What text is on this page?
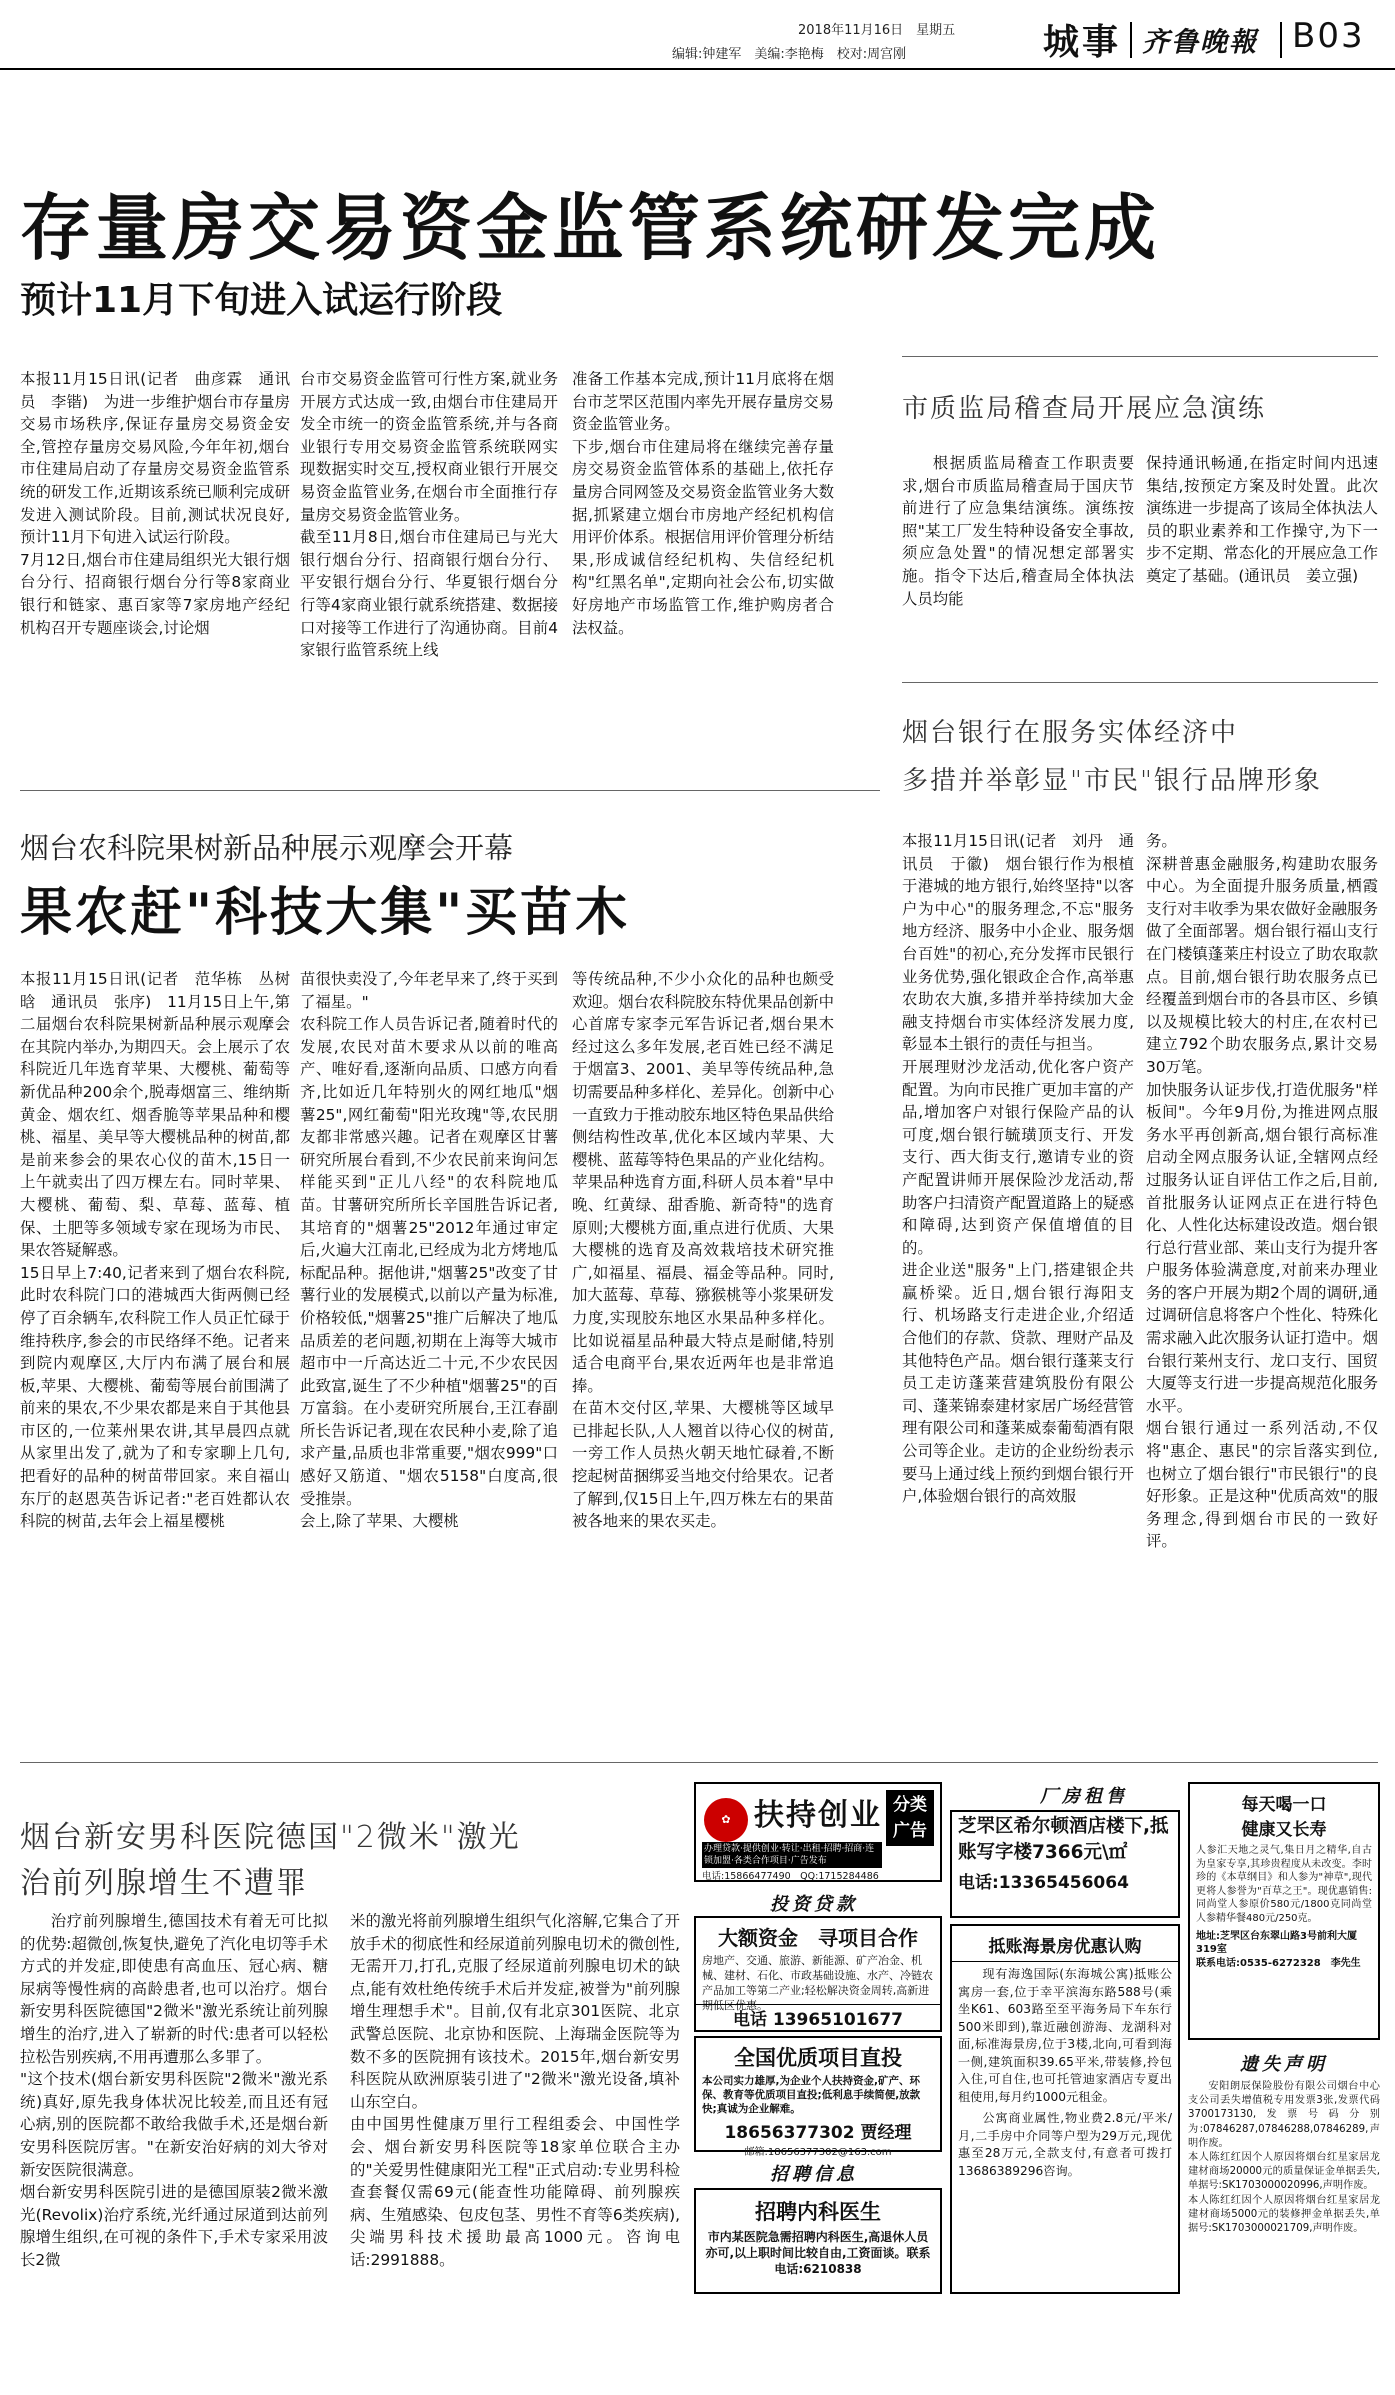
2018年11月16日　星期五
编辑:钟建军　美编:李艳梅　校对:周宫刚	城事 齐鲁晚報 B03
存量房交易资金监管系统研发完成
预计11月下旬进入试运行阶段

本报11月15日讯(记者　曲彦霖　通讯员　李锴)　为进一步维护烟台市存量房交易市场秩序,保证存量房交易资金安全,管控存量房交易风险,今年年初,烟台市住建局启动了存量房交易资金监管系统的研发工作,近期该系统已顺利完成研发进入测试阶段。目前,测试状况良好,预计11月下旬进入试运行阶段。
7月12日,烟台市住建局组织光大银行烟台分行、招商银行烟台分行等8家商业银行和链家、惠百家等7家房地产经纪机构召开专题座谈会,讨论烟

台市交易资金监管可行性方案,就业务开展方式达成一致,由烟台市住建局开发全市统一的资金监管系统,并与各商业银行专用交易资金监管系统联网实现数据实时交互,授权商业银行开展交易资金监管业务,在烟台市全面推行存量房交易资金监管业务。
截至11月8日,烟台市住建局已与光大银行烟台分行、招商银行烟台分行、平安银行烟台分行、华夏银行烟台分行等4家商业银行就系统搭建、数据接口对接等工作进行了沟通协商。目前4家银行监管系统上线

准备工作基本完成,预计11月底将在烟台市芝罘区范围内率先开展存量房交易资金监管业务。
下步,烟台市住建局将在继续完善存量房交易资金监管体系的基础上,依托存量房合同网签及交易资金监管业务大数据,抓紧建立烟台市房地产经纪机构信用评价体系。根据信用评价管理分析结果,形成诚信经纪机构、失信经纪机构"红黑名单",定期向社会公布,切实做好房地产市场监管工作,维护购房者合法权益。

市质监局稽查局开展应急演练

根据质监局稽查工作职责要求,烟台市质监局稽查局于国庆节前进行了应急集结演练。演练按照"某工厂发生特种设备安全事故,须应急处置"的情况想定部署实施。指令下达后,稽查局全体执法人员均能

保持通讯畅通,在指定时间内迅速集结,按预定方案及时处置。此次演练进一步提高了该局全体执法人员的职业素养和工作操守,为下一步不定期、常态化的开展应急工作奠定了基础。(通讯员　姜立强)

烟台银行在服务实体经济中
多措并举彰显"市民"银行品牌形象

本报11月15日讯(记者　刘丹　通讯员　于徽)　烟台银行作为根植于港城的地方银行,始终坚持"以客户为中心"的服务理念,不忘"服务地方经济、服务中小企业、服务烟台百姓"的初心,充分发挥市民银行业务优势,强化银政企合作,高举惠农助农大旗,多措并举持续加大金融支持烟台市实体经济发展力度,彰显本土银行的责任与担当。
开展理财沙龙活动,优化客户资产配置。为向市民推广更加丰富的产品,增加客户对银行保险产品的认可度,烟台银行毓璜顶支行、开发支行、西大街支行,邀请专业的资产配置讲师开展保险沙龙活动,帮助客户扫清资产配置道路上的疑惑和障碍,达到资产保值增值的目的。
进企业送"服务"上门,搭建银企共赢桥梁。近日,烟台银行海阳支行、机场路支行走进企业,介绍适合他们的存款、贷款、理财产品及其他特色产品。烟台银行蓬莱支行员工走访蓬莱营建筑股份有限公司、蓬莱锦泰建材家居广场经营管理有限公司和蓬莱威泰葡萄酒有限公司等企业。走访的企业纷纷表示要马上通过线上预约到烟台银行开户,体验烟台银行的高效服

务。
深耕普惠金融服务,构建助农服务中心。为全面提升服务质量,栖霞支行对丰收季为果农做好金融服务做了全面部署。烟台银行福山支行在门楼镇蓬莱庄村设立了助农取款点。目前,烟台银行助农服务点已经覆盖到烟台市的各县市区、乡镇以及规模比较大的村庄,在农村已建立792个助农服务点,累计交易30万笔。
加快服务认证步伐,打造优服务"样板间"。今年9月份,为推进网点服务水平再创新高,烟台银行高标准启动全网点服务认证,全辖网点经过服务认证自评估工作之后,目前,首批服务认证网点正在进行特色化、人性化达标建设改造。烟台银行总行营业部、莱山支行为提升客户服务体验满意度,对前来办理业务的客户开展为期2个周的调研,通过调研信息将客户个性化、特殊化需求融入此次服务认证打造中。烟台银行莱州支行、龙口支行、国贸大厦等支行进一步提高规范化服务水平。
烟台银行通过一系列活动,不仅将"惠企、惠民"的宗旨落实到位,也树立了烟台银行"市民银行"的良好形象。正是这种"优质高效"的服务理念,得到烟台市民的一致好评。

烟台农科院果树新品种展示观摩会开幕
果农赶"科技大集"买苗木

本报11月15日讯(记者　范华栋　丛树晗　通讯员　张序)　11月15日上午,第二届烟台农科院果树新品种展示观摩会在其院内举办,为期四天。会上展示了农科院近几年选育苹果、大樱桃、葡萄等新优品种200余个,脱毒烟富三、维纳斯黄金、烟农红、烟香脆等苹果品种和樱桃、福星、美早等大樱桃品种的树苗,都是前来参会的果农心仪的苗木,15日一上午就卖出了四万棵左右。同时苹果、大樱桃、葡萄、梨、草莓、蓝莓、植保、土肥等多领域专家在现场为市民、果农答疑解惑。
15日早上7:40,记者来到了烟台农科院,此时农科院门口的港城西大街两侧已经停了百余辆车,农科院工作人员正忙碌于维持秩序,参会的市民络绎不绝。记者来到院内观摩区,大厅内布满了展台和展板,苹果、大樱桃、葡萄等展台前围满了前来的果农,不少果农都是来自于其他县市区的,一位莱州果农讲,其早晨四点就从家里出发了,就为了和专家聊上几句,把看好的品种的树苗带回家。来自福山东厅的赵恩英告诉记者:"老百姓都认农科院的树苗,去年会上福星樱桃

苗很快卖没了,今年老早来了,终于买到了福星。"
农科院工作人员告诉记者,随着时代的发展,农民对苗木要求从以前的唯高产、唯好看,逐渐向品质、口感方向看齐,比如近几年特别火的网红地瓜"烟薯25",网红葡萄"阳光玫瑰"等,农民朋友都非常感兴趣。记者在观摩区甘薯研究所展台看到,不少农民前来询问怎样能买到"正儿八经"的农科院地瓜苗。甘薯研究所所长辛国胜告诉记者,其培育的"烟薯25"2012年通过审定后,火遍大江南北,已经成为北方烤地瓜标配品种。据他讲,"烟薯25"改变了甘薯行业的发展模式,以前以产量为标准,价格较低,"烟薯25"推广后解决了地瓜品质差的老问题,初期在上海等大城市超市中一斤高达近二十元,不少农民因此致富,诞生了不少种植"烟薯25"的百万富翁。在小麦研究所展台,王江春副所长告诉记者,现在农民种小麦,除了追求产量,品质也非常重要,"烟农999"口感好又筋道、"烟农5158"白度高,很受推崇。
会上,除了苹果、大樱桃

等传统品种,不少小众化的品种也颇受欢迎。烟台农科院胶东特优果品创新中心首席专家李元军告诉记者,烟台果木经过这么多年发展,老百姓已经不满足于烟富3、2001、美早等传统品种,急切需要品种多样化、差异化。创新中心一直致力于推动胶东地区特色果品供给侧结构性改革,优化本区域内苹果、大樱桃、蓝莓等特色果品的产业化结构。苹果品种选育方面,科研人员本着"早中晚、红黄绿、甜香脆、新奇特"的选育原则;大樱桃方面,重点进行优质、大果大樱桃的选育及高效栽培技术研究推广,如福星、福晨、福金等品种。同时,加大蓝莓、草莓、猕猴桃等小浆果研发力度,实现胶东地区水果品种多样化。比如说福星品种最大特点是耐储,特别适合电商平台,果农近两年也是非常追捧。
在苗木交付区,苹果、大樱桃等区域早已排起长队,人人翘首以待心仪的树苗,一旁工作人员热火朝天地忙碌着,不断挖起树苗捆绑妥当地交付给果农。记者了解到,仅15日上午,四万株左右的果苗被各地来的果农买走。

烟台新安男科医院德国"2微米"激光
治前列腺增生不遭罪

治疗前列腺增生,德国技术有着无可比拟的优势:超微创,恢复快,避免了汽化电切等手术方式的并发症,即使患有高血压、冠心病、糖尿病等慢性病的高龄患者,也可以治疗。烟台新安男科医院德国"2微米"激光系统让前列腺增生的治疗,进入了崭新的时代:患者可以轻松拉松告别疾病,不用再遭那么多罪了。
"这个技术(烟台新安男科医院"2微米"激光系统)真好,原先我身体状况比较差,而且还有冠心病,别的医院都不敢给我做手术,还是烟台新安男科医院厉害。"在新安治好病的刘大爷对新安医院很满意。
烟台新安男科医院引进的是德国原装2微米激光(Revolix)治疗系统,光纤通过尿道到达前列腺增生组织,在可视的条件下,手术专家采用波长2微

米的激光将前列腺增生组织气化溶解,它集合了开放手术的彻底性和经尿道前列腺电切术的微创性,无需开刀,打孔,克服了经尿道前列腺电切术的缺点,能有效杜绝传统手术后并发症,被誉为"前列腺增生理想手术"。目前,仅有北京301医院、北京武警总医院、北京协和医院、上海瑞金医院等为数不多的医院拥有该技术。2015年,烟台新安男科医院从欧洲原装引进了"2微米"激光设备,填补山东空白。
由中国男性健康万里行工程组委会、中国性学会、烟台新安男科医院等18家单位联合主办的"关爱男性健康阳光工程"正式启动:专业男科检查套餐仅需69元(能查性功能障碍、前列腺疾病、生殖感染、包皮包茎、男性不育等6类疾病),尖端男科技术援助最高1000元。咨询电话:2991888。

✿ 扶持创业 分类广告
办理贷款·提供创业·转让·出租·招聘·招商·连锁加盟·各类合作项目·广告发布
电话:15866477490　QQ:1715284486
投资贷款
大额资金　寻项目合作
房地产、交通、旅游、新能源、矿产冶金、机械、建材、石化、市政基础设施、水产、冷链农产品加工等第二产业;轻松解决资金周转,高新进期低区优惠。
电话 13965101677
全国优质项目直投
本公司实力雄厚,为企业个人扶持资金,矿产、环保、教育等优质项目直投;低利息手续简便,放款快;真诚为企业解难。
18656377302 贾经理
邮箱:18656377302@163.com
招聘信息
招聘内科医生
市内某医院急需招聘内科医生,高退休人员亦可,以上职时间比较自由,工资面谈。联系电话:6210838
厂房租售
芝罘区希尔顿酒店楼下,抵账写字楼7366元\㎡
电话:13365456064
抵账海景房优惠认购
现有海逸国际(东海城公寓)抵账公寓房一套,位于幸平滨海东路588号(乘坐K61、603路至至平海务局下车东行500米即到),靠近融创游海、龙湖科对面,标准海景房,位于3楼,北向,可看到海一侧,建筑面积39.65平米,带装修,拎包入住,可自住,也可托管迪家酒店专夏出租使用,每月约1000元租金。
公寓商业属性,物业费2.8元/平米/月,二手房中介同等户型为29万元,现优惠至28万元,全款支付,有意者可拨打13686389296咨询。
每天喝一口
健康又长寿
人参汇天地之灵气,集日月之精华,自古为皇家专享,其珍贵程度从未改变。李时珍的《本草纲目》和人参为"神草",现代更将人参誉为"百草之王"。现优惠销售:同尚堂人参原价580元/1800克同尚堂人参精华餐480元/250克。
地址:芝罘区台东翠山路3号前利大厦319室
联系电话:0535-6272328　李先生
遗失声明
安阳朗辰保险股份有限公司烟台中心支公司丢失增值税专用发票3张,发票代码3700173130,发票号码分别为:07846287,07846288,07846289,声明作废。
本人陈红红因个人原因将烟台红星家居龙建材商场20000元的质量保证金单据丢失,单据号:SK1703000020996,声明作废。
本人陈红红因个人原因将烟台红星家居龙建材商场5000元的装修押金单据丢失,单据号:SK1703000021709,声明作废。
